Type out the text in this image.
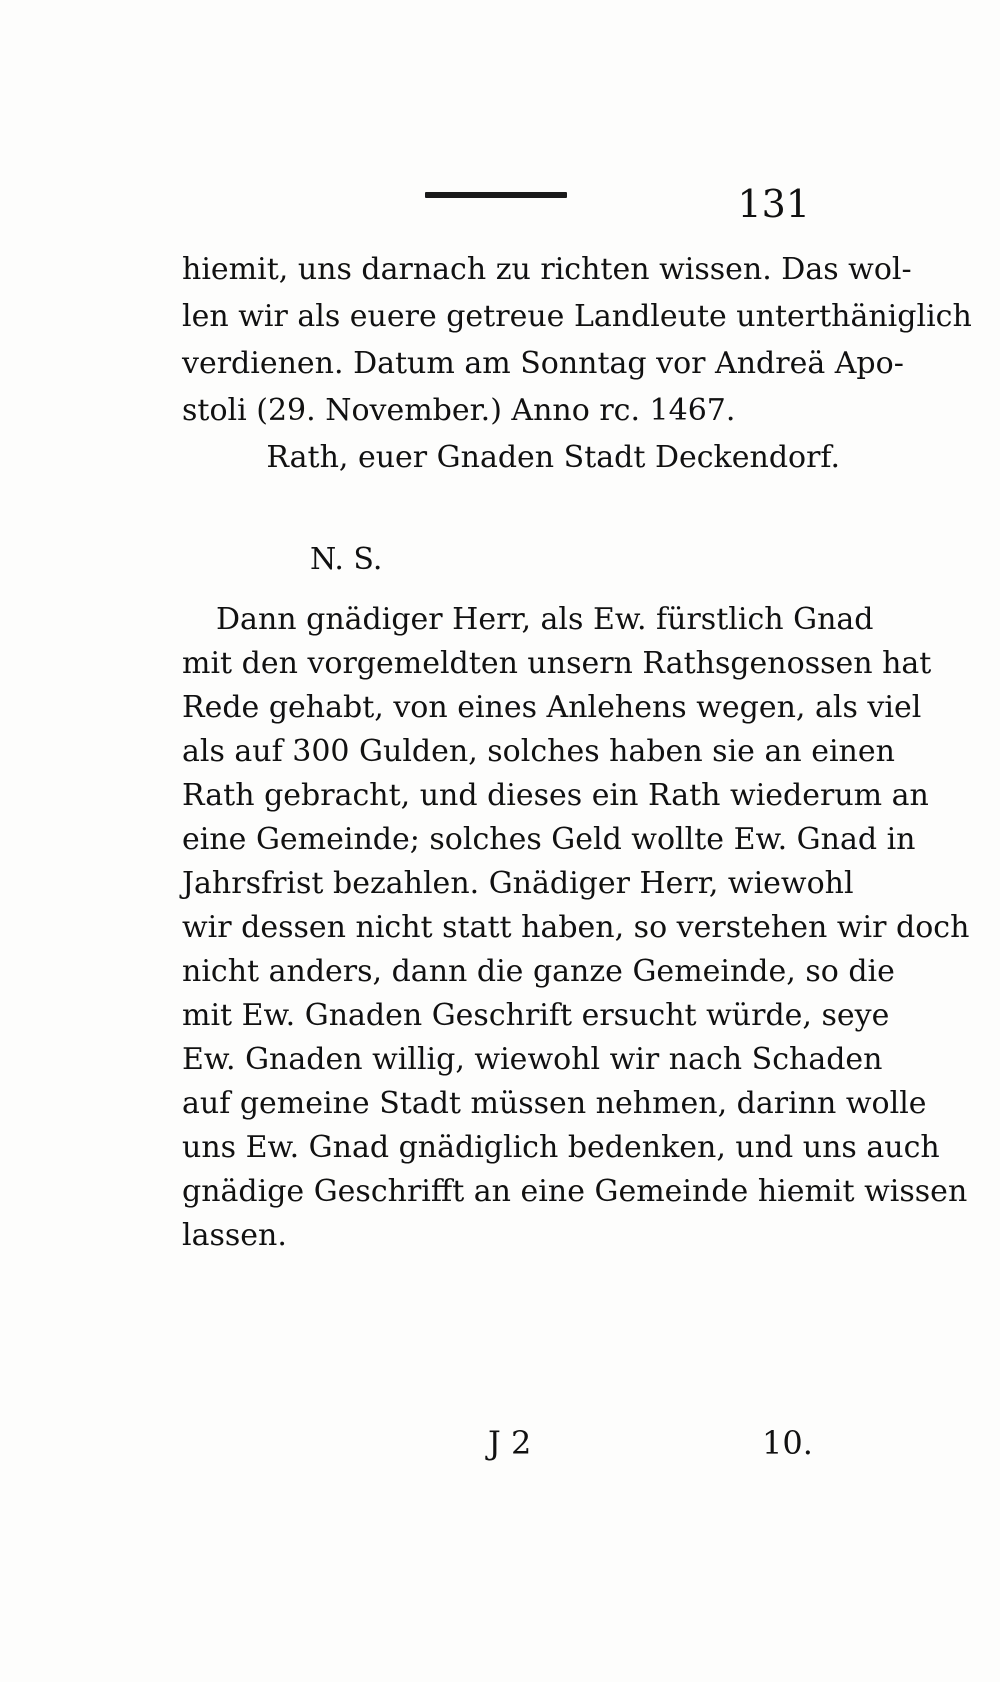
131
hiemit, uns darnach zu richten wissen. Das wol-
len wir als euere getreue Landleute unterthäniglich
verdienen. Datum am Sonntag vor Andreä Apo-
stoli (29. November.) Anno rc. 1467.
Rath, euer Gnaden Stadt Deckendorf.
N. S.
Dann gnädiger Herr, als Ew. fürstlich Gnad
mit den vorgemeldten unsern Rathsgenossen hat
Rede gehabt, von eines Anlehens wegen, als viel
als auf 300 Gulden, solches haben sie an einen
Rath gebracht, und dieses ein Rath wiederum an
eine Gemeinde; solches Geld wollte Ew. Gnad in
Jahrsfrist bezahlen. Gnädiger Herr, wiewohl
wir dessen nicht statt haben, so verstehen wir doch
nicht anders, dann die ganze Gemeinde, so die
mit Ew. Gnaden Geschrift ersucht würde, seye
Ew. Gnaden willig, wiewohl wir nach Schaden
auf gemeine Stadt müssen nehmen, darinn wolle
uns Ew. Gnad gnädiglich bedenken, und uns auch
gnädige Geschrifft an eine Gemeinde hiemit wissen
lassen.
J 2	10.
